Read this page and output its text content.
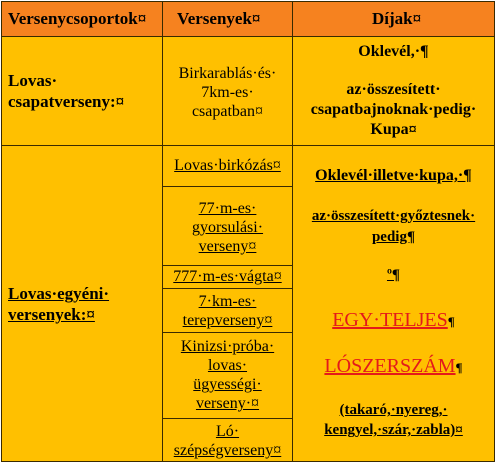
Versenycsoportok¤ Versenyek¤	Díjak¤
Lovas·
csapatverseny:¤
Birkarablás·és·
7km-es·
csapatban¤
Oklevél,·¶
az·összesített·
csapatbajnoknak·pedig·
Kupa¤
Lovas·egyéni·
versenyek:¤
Lovas·birkózás¤
77·m-es·
gyorsulási·
verseny¤
777·m-es·vágta¤
7·km-es·
terepverseny¤
Kinizsi·próba·
lovas·
ügyességi·
verseny·¤
Ló·
szépségverseny¤
Oklevél·illetve·kupa,·¶
az·összesített·győztesnek·
pedig¶
º¶
EGY·TELJES¶
LÓSZERSZÁM¶
(takaró,·nyereg,·
kengyel,·szár,·zabla)¤
